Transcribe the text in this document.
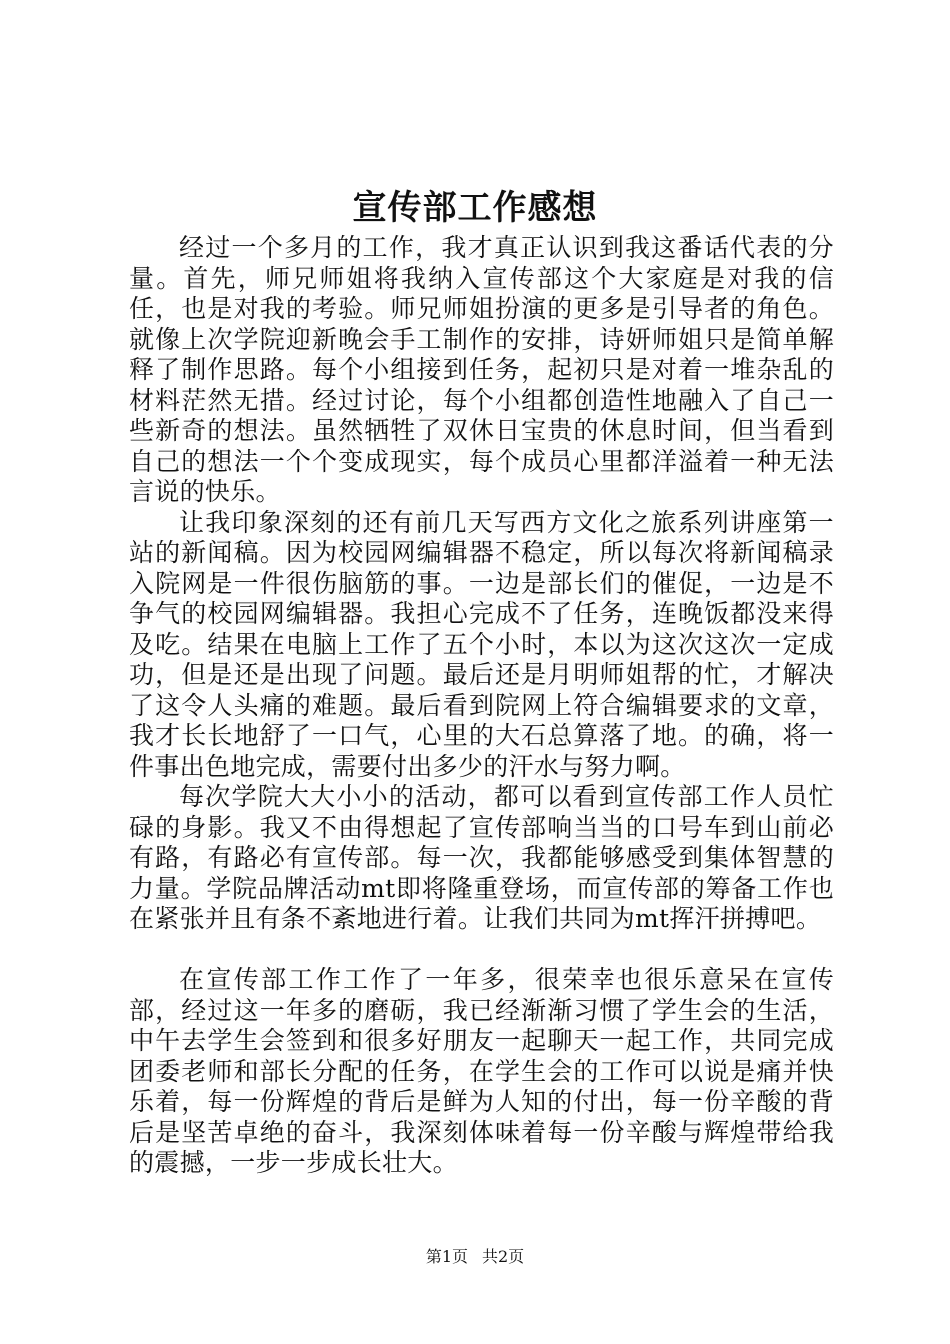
宣传部工作感想

经过一个多月的工作，我才真正认识到我这番话代表的分量。首先，师兄师姐将我纳入宣传部这个大家庭是对我的信任，也是对我的考验。师兄师姐扮演的更多是引导者的角色。就像上次学院迎新晚会手工制作的安排，诗妍师姐只是简单解释了制作思路。每个小组接到任务，起初只是对着一堆杂乱的材料茫然无措。经过讨论，每个小组都创造性地融入了自己一些新奇的想法。虽然牺牲了双休日宝贵的休息时间，但当看到自己的想法一个个变成现实，每个成员心里都洋溢着一种无法言说的快乐。

让我印象深刻的还有前几天写西方文化之旅系列讲座第一站的新闻稿。因为校园网编辑器不稳定，所以每次将新闻稿录入院网是一件很伤脑筋的事。一边是部长们的催促，一边是不争气的校园网编辑器。我担心完成不了任务，连晚饭都没来得及吃。结果在电脑上工作了五个小时，本以为这次这次一定成功，但是还是出现了问题。最后还是月明师姐帮的忙，才解决了这令人头痛的难题。最后看到院网上符合编辑要求的文章，我才长长地舒了一口气，心里的大石总算落了地。的确，将一件事出色地完成，需要付出多少的汗水与努力啊。

每次学院大大小小的活动，都可以看到宣传部工作人员忙碌的身影。我又不由得想起了宣传部响当当的口号车到山前必有路，有路必有宣传部。每一次，我都能够感受到集体智慧的力量。学院品牌活动mt即将隆重登场，而宣传部的筹备工作也在紧张并且有条不紊地进行着。让我们共同为mt挥汗拼搏吧。

在宣传部工作工作了一年多，很荣幸也很乐意呆在宣传部，经过这一年多的磨砺，我已经渐渐习惯了学生会的生活，中午去学生会签到和很多好朋友一起聊天一起工作，共同完成团委老师和部长分配的任务，在学生会的工作可以说是痛并快乐着，每一份辉煌的背后是鲜为人知的付出，每一份辛酸的背后是坚苦卓绝的奋斗，我深刻体味着每一份辛酸与辉煌带给我的震撼，一步一步成长壮大。

第1页 共2页
